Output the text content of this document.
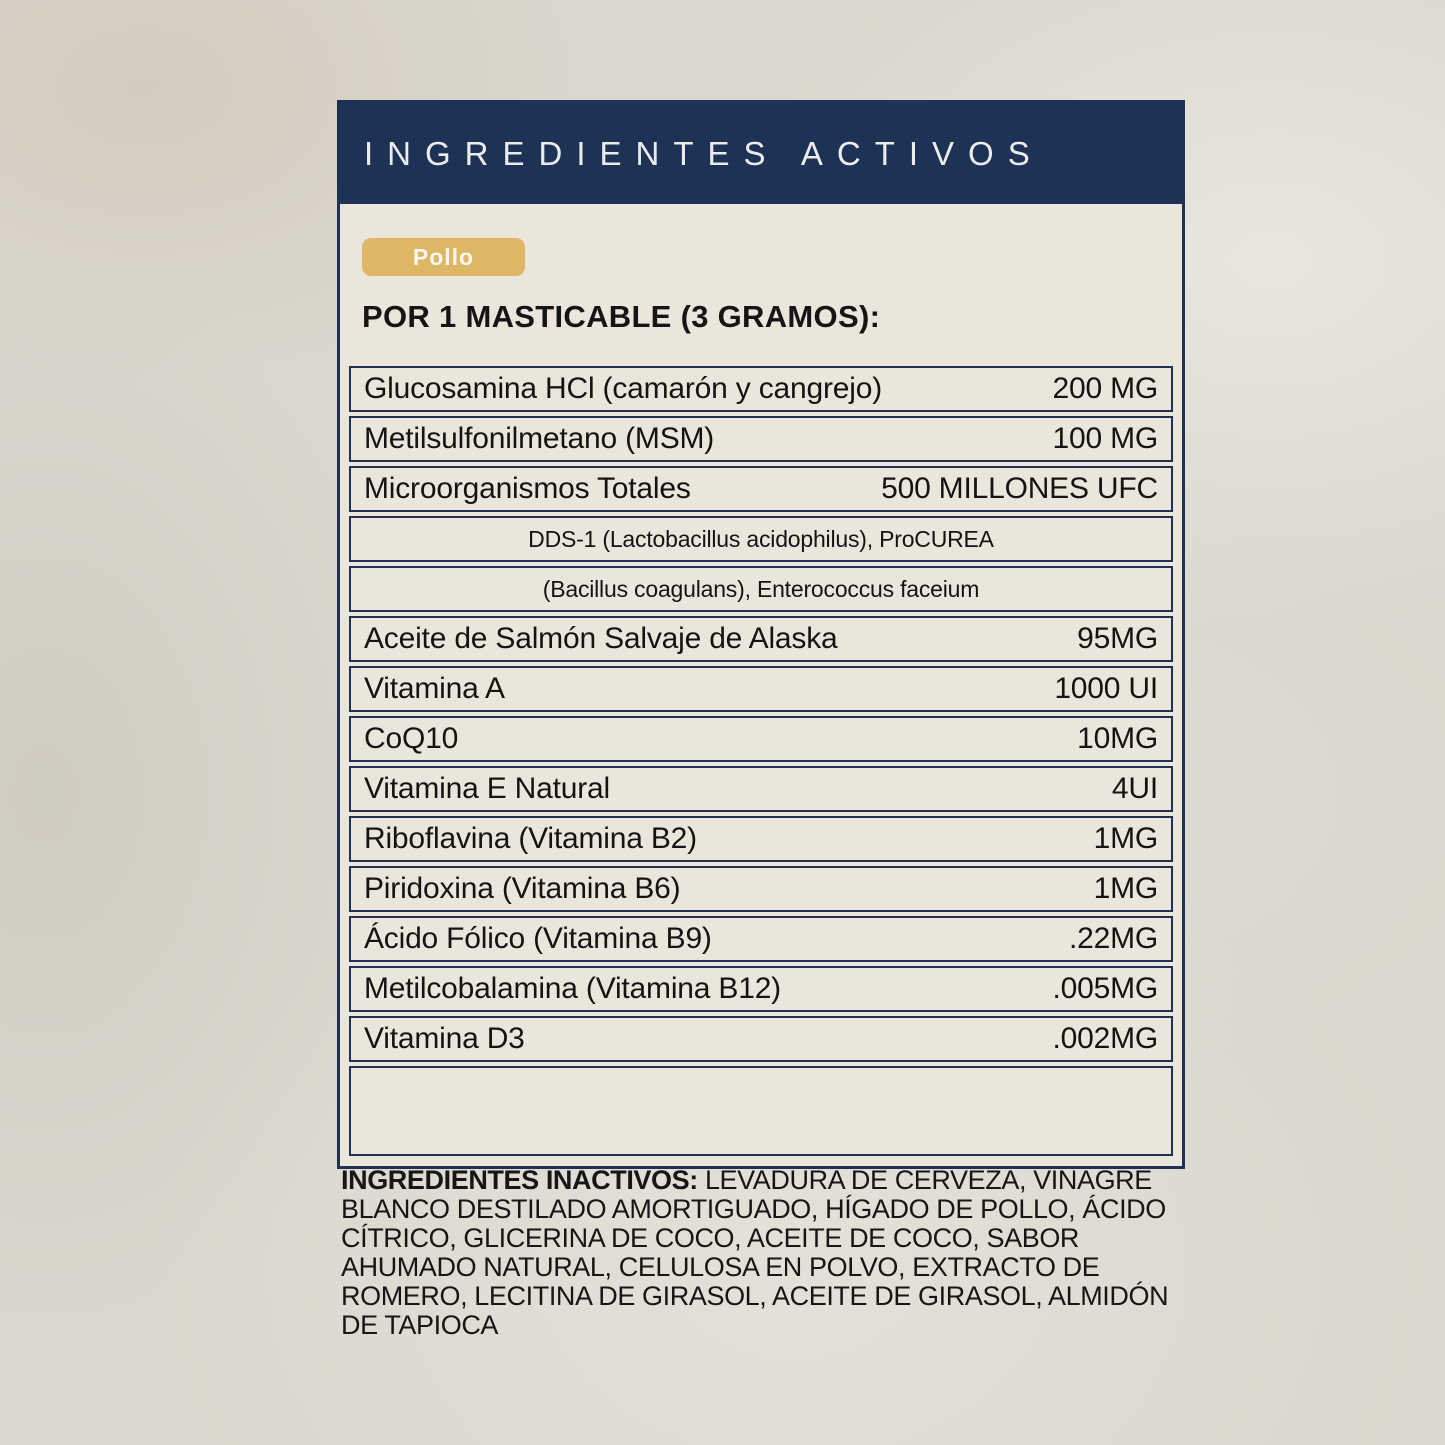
INGREDIENTES ACTIVOS
Pollo
POR 1 MASTICABLE (3 GRAMOS):
Glucosamina HCl (camarón y cangrejo)	200 MG
Metilsulfonilmetano (MSM)	100 MG
Microorganismos Totales	500 MILLONES UFC
DDS-1 (Lactobacillus acidophilus), ProCUREA
(Bacillus coagulans), Enterococcus faceium
Aceite de Salmón Salvaje de Alaska	95MG
Vitamina A	1000 UI
CoQ10	10MG
Vitamina E Natural	4UI
Riboflavina (Vitamina B2)	1MG
Piridoxina (Vitamina B6)	1MG
Ácido Fólico (Vitamina B9)	.22MG
Metilcobalamina (Vitamina B12)	.005MG
Vitamina D3	.002MG

INGREDIENTES INACTIVOS: LEVADURA DE CERVEZA, VINAGRE BLANCO DESTILADO AMORTIGUADO, HÍGADO DE POLLO, ÁCIDO CÍTRICO, GLICERINA DE COCO, ACEITE DE COCO, SABOR AHUMADO NATURAL, CELULOSA EN POLVO, EXTRACTO DE ROMERO, LECITINA DE GIRASOL, ACEITE DE GIRASOL, ALMIDÓN DE TAPIOCA
